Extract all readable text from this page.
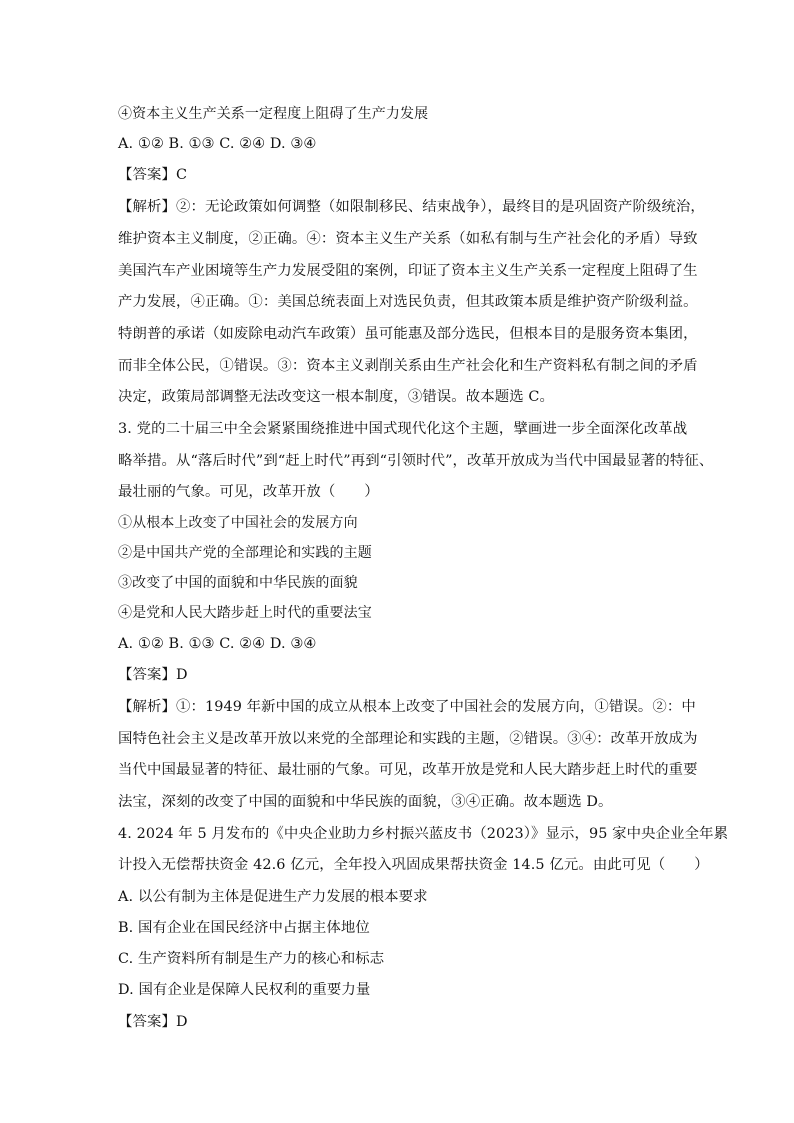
④资本主义生产关系一定程度上阻碍了生产力发展
A. ①② B. ①③ C. ②④ D. ③④
【答案】C
【解析】②：无论政策如何调整（如限制移民、结束战争），最终目的是巩固资产阶级统治，
维护资本主义制度，②正确。④：资本主义生产关系（如私有制与生产社会化的矛盾）导致
美国汽车产业困境等生产力发展受阻的案例，印证了资本主义生产关系一定程度上阻碍了生
产力发展，④正确。①：美国总统表面上对选民负责，但其政策本质是维护资产阶级利益。
特朗普的承诺（如废除电动汽车政策）虽可能惠及部分选民，但根本目的是服务资本集团，
而非全体公民，①错误。③：资本主义剥削关系由生产社会化和生产资料私有制之间的矛盾
决定，政策局部调整无法改变这一根本制度，③错误。故本题选 C。
3. 党的二十届三中全会紧紧围绕推进中国式现代化这个主题，擘画进一步全面深化改革战
略举措。从“落后时代”到“赶上时代”再到“引领时代”，改革开放成为当代中国最显著的特征、
最壮丽的气象。可见，改革开放（　　）
①从根本上改变了中国社会的发展方向
②是中国共产党的全部理论和实践的主题
③改变了中国的面貌和中华民族的面貌
④是党和人民大踏步赶上时代的重要法宝
A. ①② B. ①③ C. ②④ D. ③④
【答案】D
【解析】①：1949 年新中国的成立从根本上改变了中国社会的发展方向，①错误。②：中
国特色社会主义是改革开放以来党的全部理论和实践的主题，②错误。③④：改革开放成为
当代中国最显著的特征、最壮丽的气象。可见，改革开放是党和人民大踏步赶上时代的重要
法宝，深刻的改变了中国的面貌和中华民族的面貌，③④正确。故本题选 D。
4. 2024 年 5 月发布的《中央企业助力乡村振兴蓝皮书（2023）》显示，95 家中央企业全年累
计投入无偿帮扶资金 42.6 亿元，全年投入巩固成果帮扶资金 14.5 亿元。由此可见（　　）
A. 以公有制为主体是促进生产力发展的根本要求
B. 国有企业在国民经济中占据主体地位
C. 生产资料所有制是生产力的核心和标志
D. 国有企业是保障人民权利的重要力量
【答案】D
